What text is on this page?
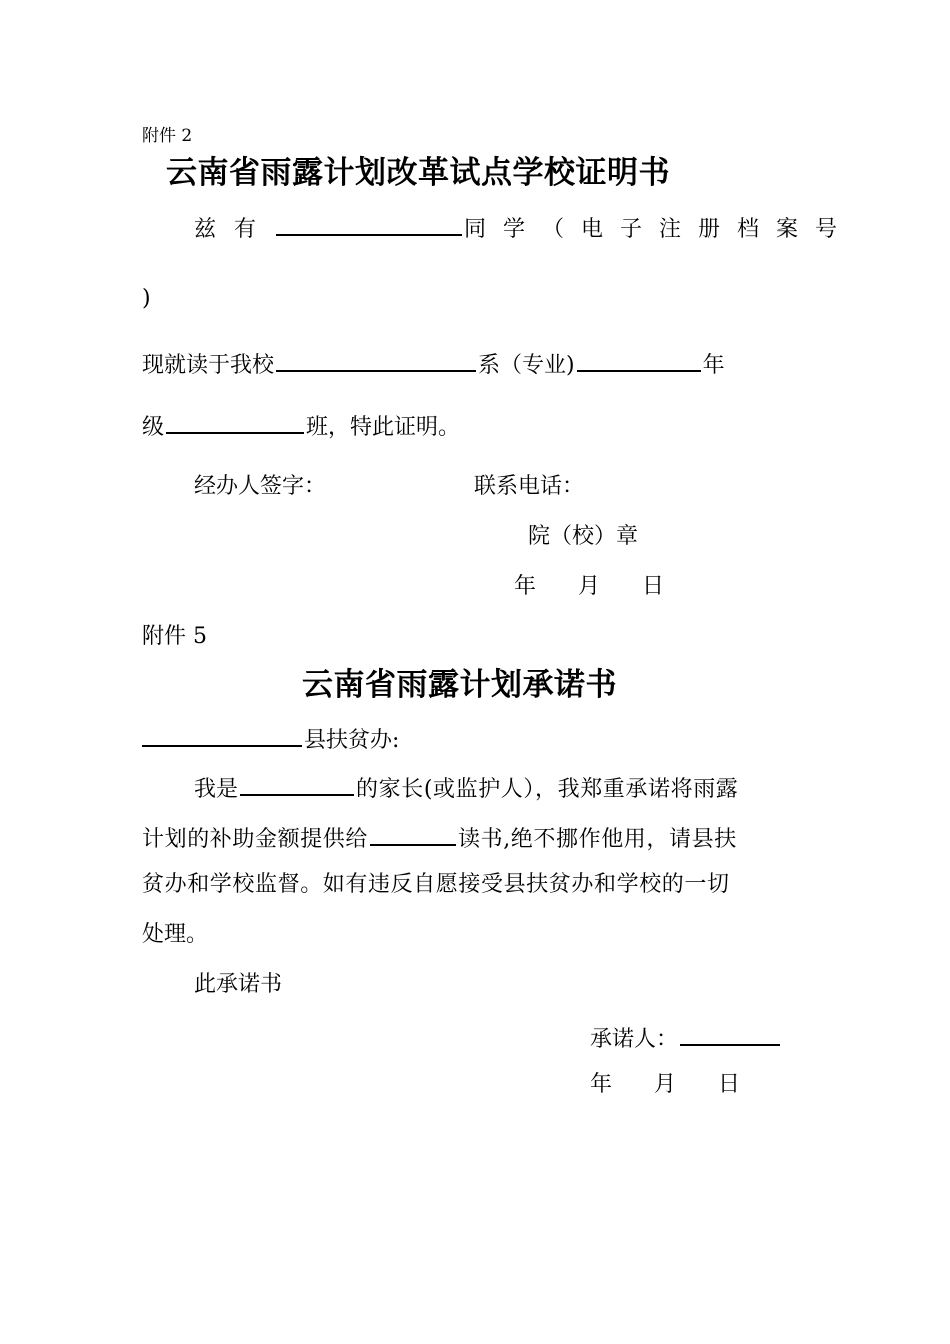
附件 2
云南省雨露计划改革试点学校证明书
兹有	同学（电子注册档案号
)
现就读于我校	系（专业)	年
级	班，特此证明。
经办人签字：	联系电话：
院（校）章
年 月 日
附件 5
云南省雨露计划承诺书
县扶贫办:
我是	的家长(或监护人），我郑重承诺将雨露
计划的补助金额提供给	读书,绝不挪作他用，请县扶
贫办和学校监督。如有违反自愿接受县扶贫办和学校的一切
处理。
此承诺书
承诺人：
年 月 日
